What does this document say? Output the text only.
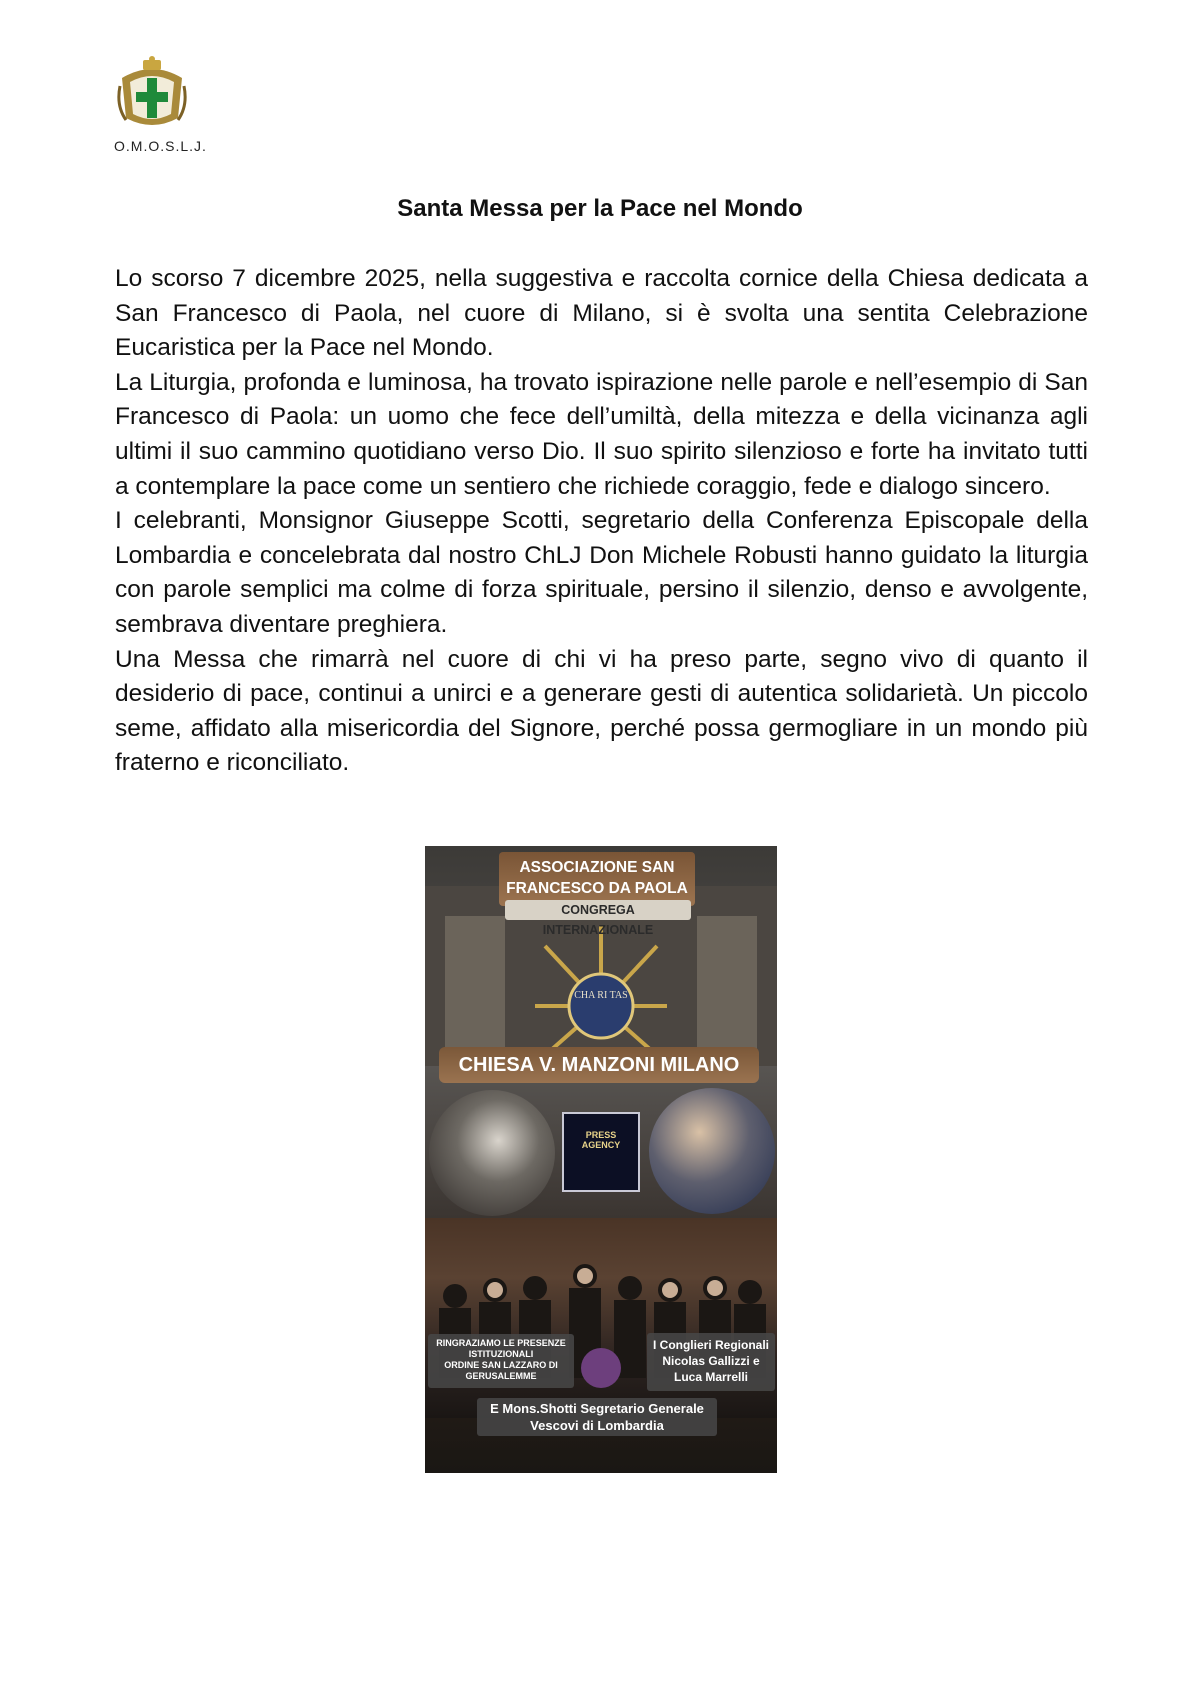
O.M.O.S.L.J.
Santa Messa per la Pace nel Mondo

Lo scorso 7 dicembre 2025, nella suggestiva e raccolta cornice della Chiesa dedicata a San Francesco di Paola, nel cuore di Milano, si è svolta una sentita Celebrazione Eucaristica per la Pace nel Mondo.

La Liturgia, profonda e luminosa, ha trovato ispirazione nelle parole e nell’esempio di San Francesco di Paola: un uomo che fece dell’umiltà, della mitezza e della vicinanza agli ultimi il suo cammino quotidiano verso Dio. Il suo spirito silenzioso e forte ha invitato tutti a contemplare la pace come un sentiero che richiede coraggio, fede e dialogo sincero.

I celebranti, Monsignor Giuseppe Scotti, segretario della Conferenza Episcopale della Lombardia e concelebrata dal nostro ChLJ Don Michele Robusti hanno guidato la liturgia con parole semplici ma colme di forza spirituale, persino il silenzio, denso e avvolgente, sembrava diventare preghiera.

Una Messa che rimarrà nel cuore di chi vi ha preso parte, segno vivo di quanto il desiderio di pace, continui a unirci e a generare gesti di autentica solidarietà. Un piccolo seme, affidato alla misericordia del Signore, perché possa germogliare in un mondo più fraterno e riconciliato.

CHA RI TAS
ASSOCIAZIONE SAN
FRANCESCO DA PAOLA
CONGREGA INTERNAZIONALE
CHIESA V. MANZONI MILANO
PRESS
AGENCY
RINGRAZIAMO LE PRESENZE
ISTITUZIONALI
ORDINE SAN LAZZARO DI
GERUSALEMME
I Conglieri Regionali
Nicolas Gallizzi e
Luca Marrelli
E Mons.Shotti Segretario Generale
Vescovi di Lombardia
